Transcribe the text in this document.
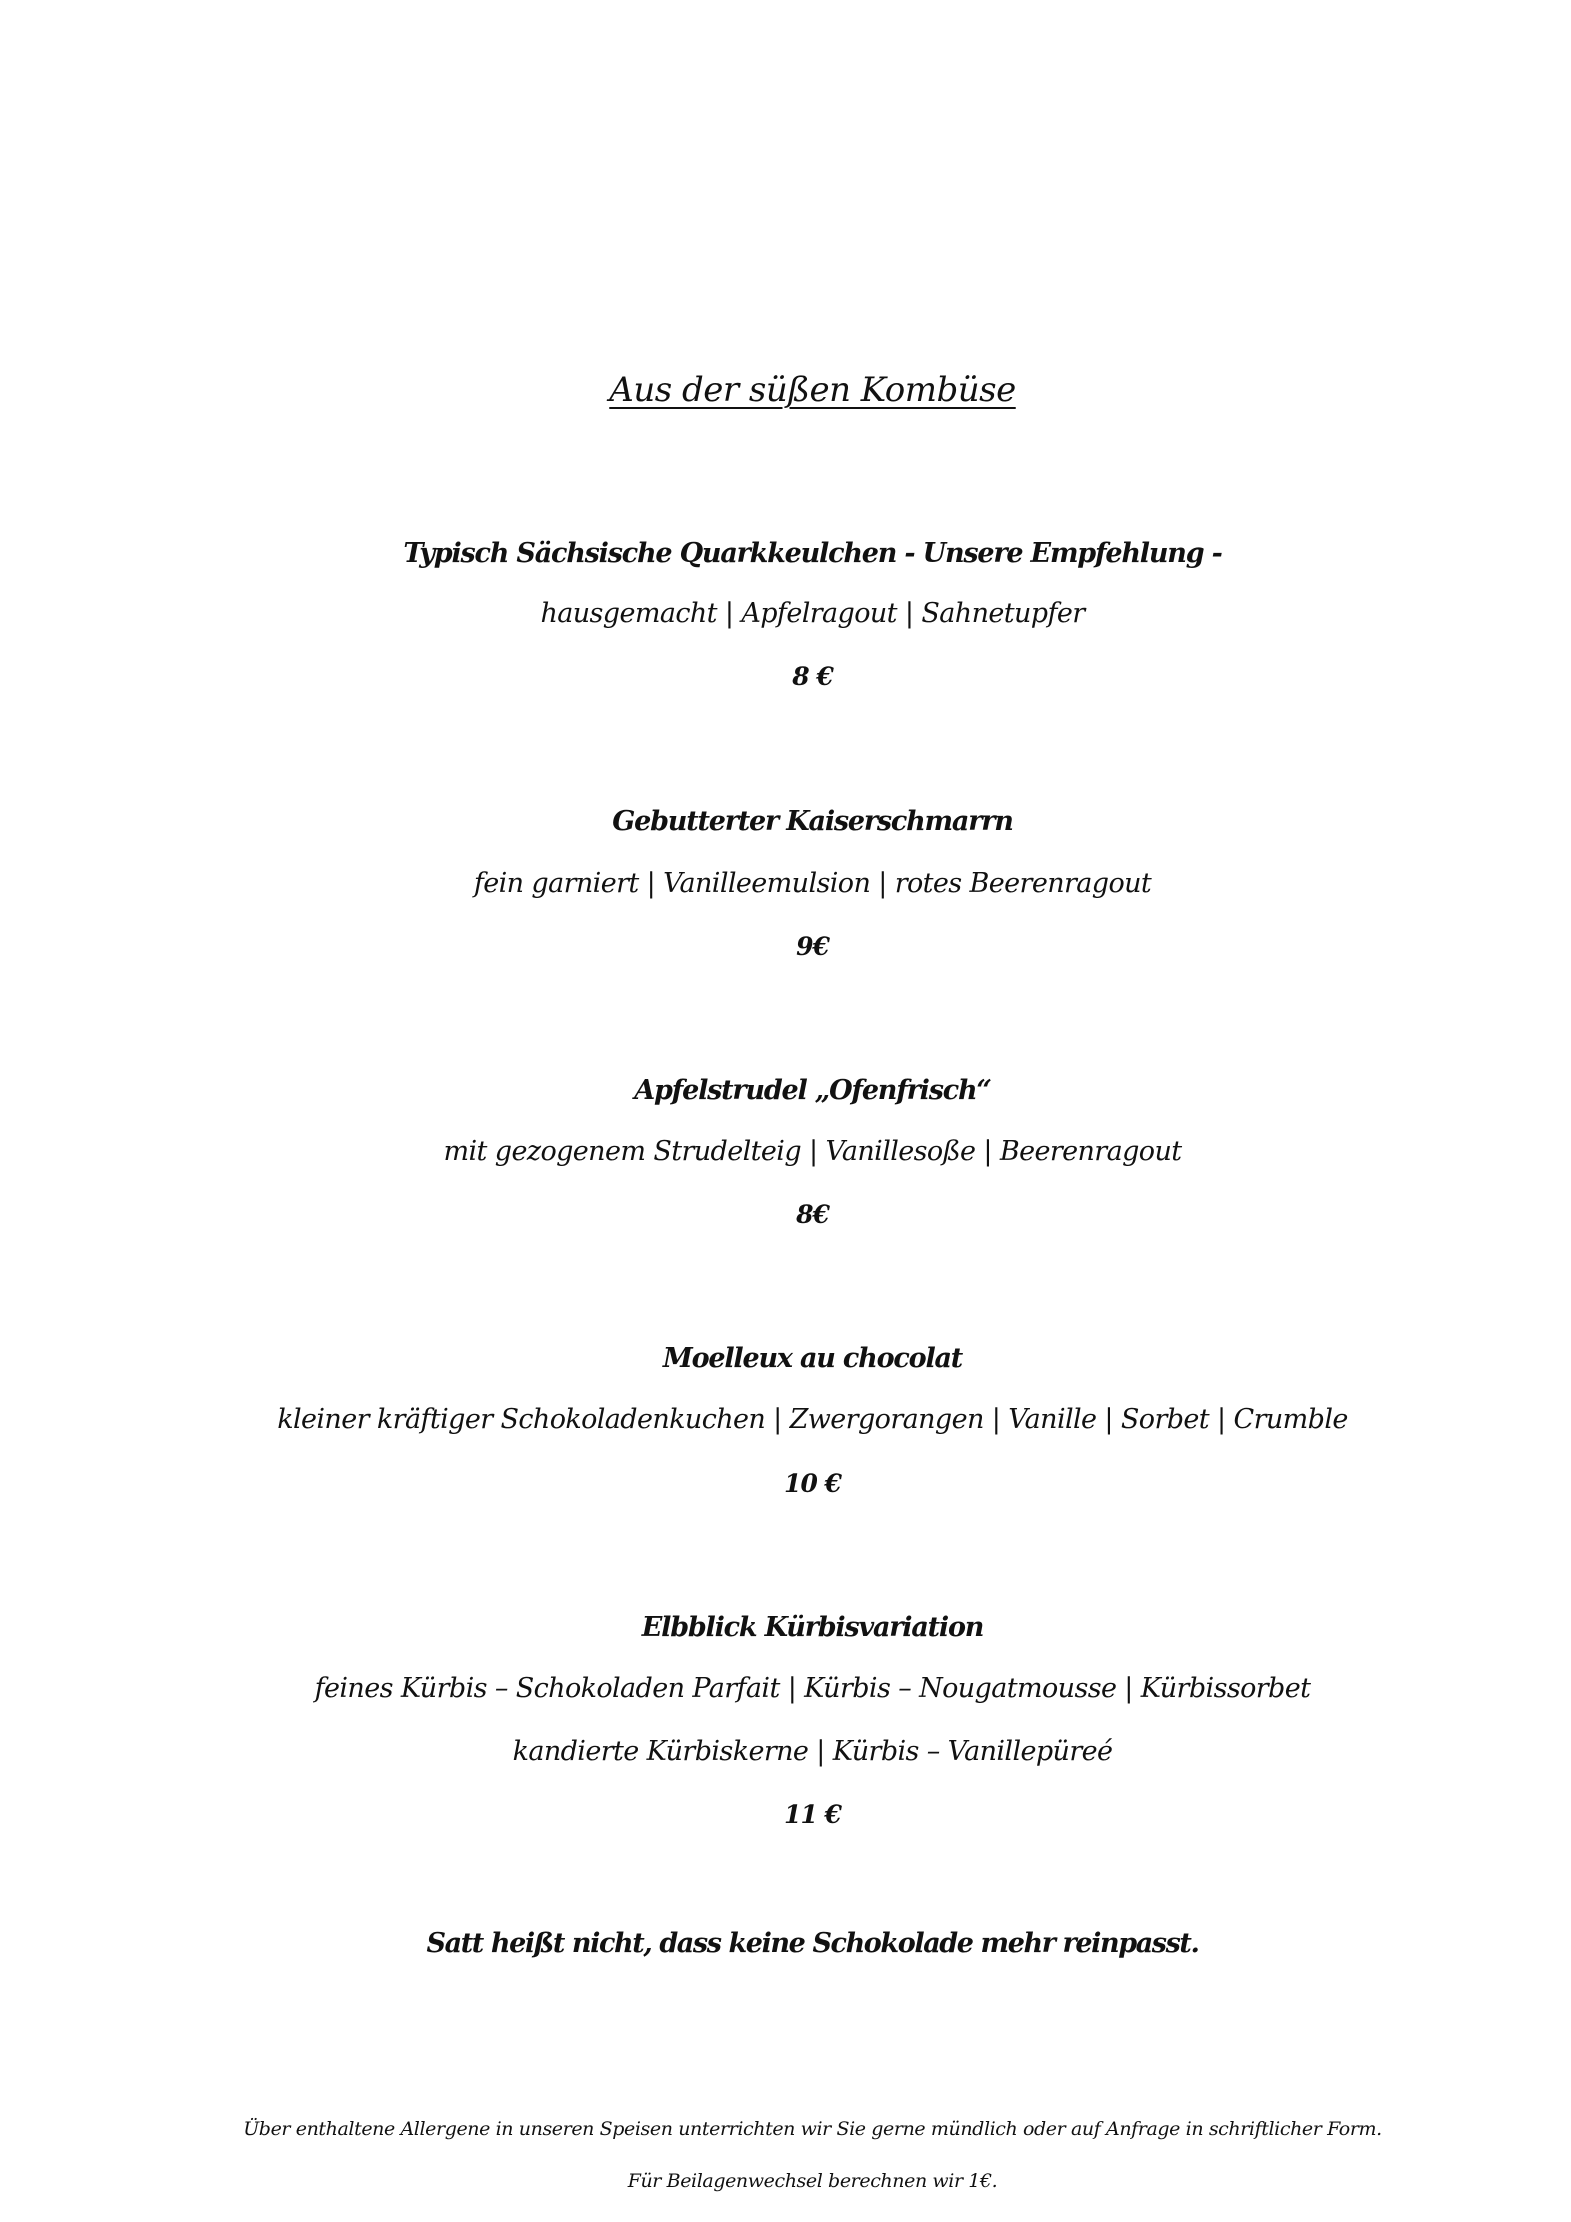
Aus der süßen Kombüse
Typisch Sächsische Quarkkeulchen - Unsere Empfehlung -
hausgemacht | Apfelragout | Sahnetupfer
8 €
Gebutterter Kaiserschmarrn
fein garniert | Vanilleemulsion | rotes Beerenragout
9€
Apfelstrudel „Ofenfrisch“
mit gezogenem Strudelteig | Vanillesoße | Beerenragout
8€
Moelleux au chocolat
kleiner kräftiger Schokoladenkuchen | Zwergorangen | Vanille | Sorbet | Crumble
10 €
Elbblick Kürbisvariation
feines Kürbis – Schokoladen Parfait | Kürbis – Nougatmousse | Kürbissorbet
kandierte Kürbiskerne | Kürbis – Vanillepüreé
11 €
Satt heißt nicht, dass keine Schokolade mehr reinpasst.
Über enthaltene Allergene in unseren Speisen unterrichten wir Sie gerne mündlich oder auf Anfrage in schriftlicher Form.
Für Beilagenwechsel berechnen wir 1€.
